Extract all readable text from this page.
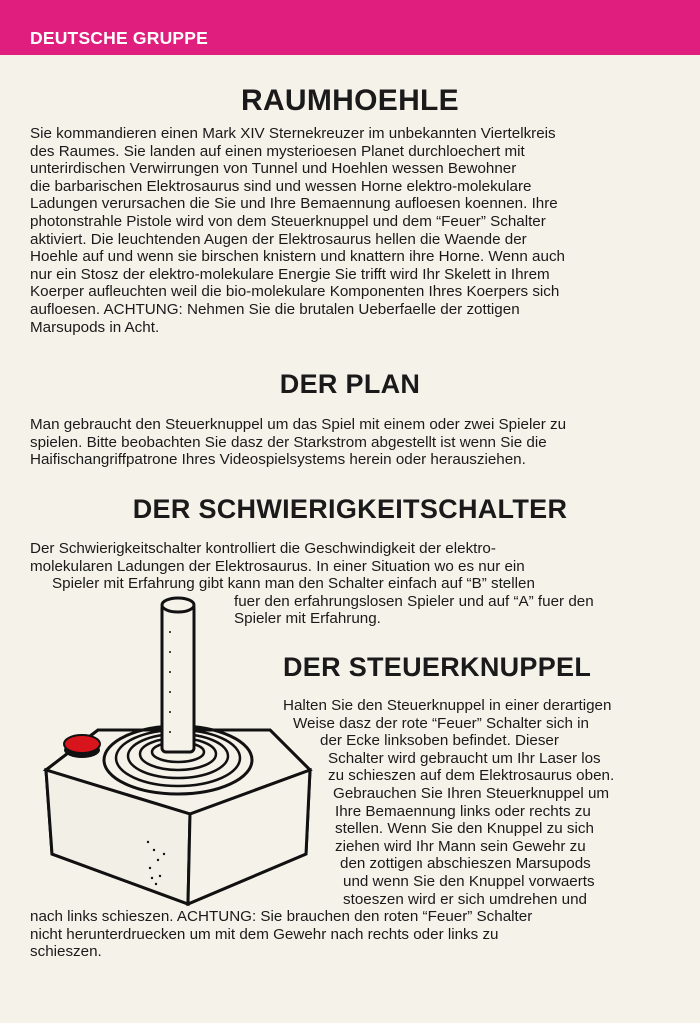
DEUTSCHE GRUPPE
RAUMHOEHLE
Sie kommandieren einen Mark XIV Sternekreuzer im unbekannten Viertelkreis
des Raumes. Sie landen auf einen mysterioesen Planet durchloechert mit
unterirdischen Verwirrungen von Tunnel und Hoehlen wessen Bewohner
die barbarischen Elektrosaurus sind und wessen Horne elektro-molekulare
Ladungen verursachen die Sie und Ihre Bemaennung aufloesen koennen. Ihre
photonstrahle Pistole wird von dem Steuerknuppel und dem “Feuer” Schalter
aktiviert. Die leuchtenden Augen der Elektrosaurus hellen die Waende der
Hoehle auf und wenn sie birschen knistern und knattern ihre Horne. Wenn auch
nur ein Stosz der elektro-molekulare Energie Sie trifft wird Ihr Skelett in Ihrem
Koerper aufleuchten weil die bio-molekulare Komponenten Ihres Koerpers sich
aufloesen. ACHTUNG: Nehmen Sie die brutalen Ueberfaelle der zottigen
Marsupods in Acht.
DER PLAN
Man gebraucht den Steuerknuppel um das Spiel mit einem oder zwei Spieler zu
spielen. Bitte beobachten Sie dasz der Starkstrom abgestellt ist wenn Sie die
Haifischangriffpatrone Ihres Videospielsystems herein oder herausziehen.
DER SCHWIERIGKEITSCHALTER
Der Schwierigkeitschalter kontrolliert die Geschwindigkeit der elektro-
molekularen Ladungen der Elektrosaurus. In einer Situation wo es nur ein
Spieler mit Erfahrung gibt kann man den Schalter einfach auf “B” stellen
fuer den erfahrungslosen Spieler und auf “A” fuer den
Spieler mit Erfahrung.
DER STEUERKNUPPEL
Halten Sie den Steuerknuppel in einer derartigen
Weise dasz der rote “Feuer” Schalter sich in
der Ecke linksoben befindet. Dieser
Schalter wird gebraucht um Ihr Laser los
zu schieszen auf dem Elektrosaurus oben.
Gebrauchen Sie Ihren Steuerknuppel um
Ihre Bemaennung links oder rechts zu
stellen. Wenn Sie den Knuppel zu sich
ziehen wird Ihr Mann sein Gewehr zu
den zottigen abschieszen Marsupods
und wenn Sie den Knuppel vorwaerts
stoeszen wird er sich umdrehen und
nach links schieszen. ACHTUNG: Sie brauchen den roten “Feuer” Schalter
nicht herunterdruecken um mit dem Gewehr nach rechts oder links zu
schieszen.
